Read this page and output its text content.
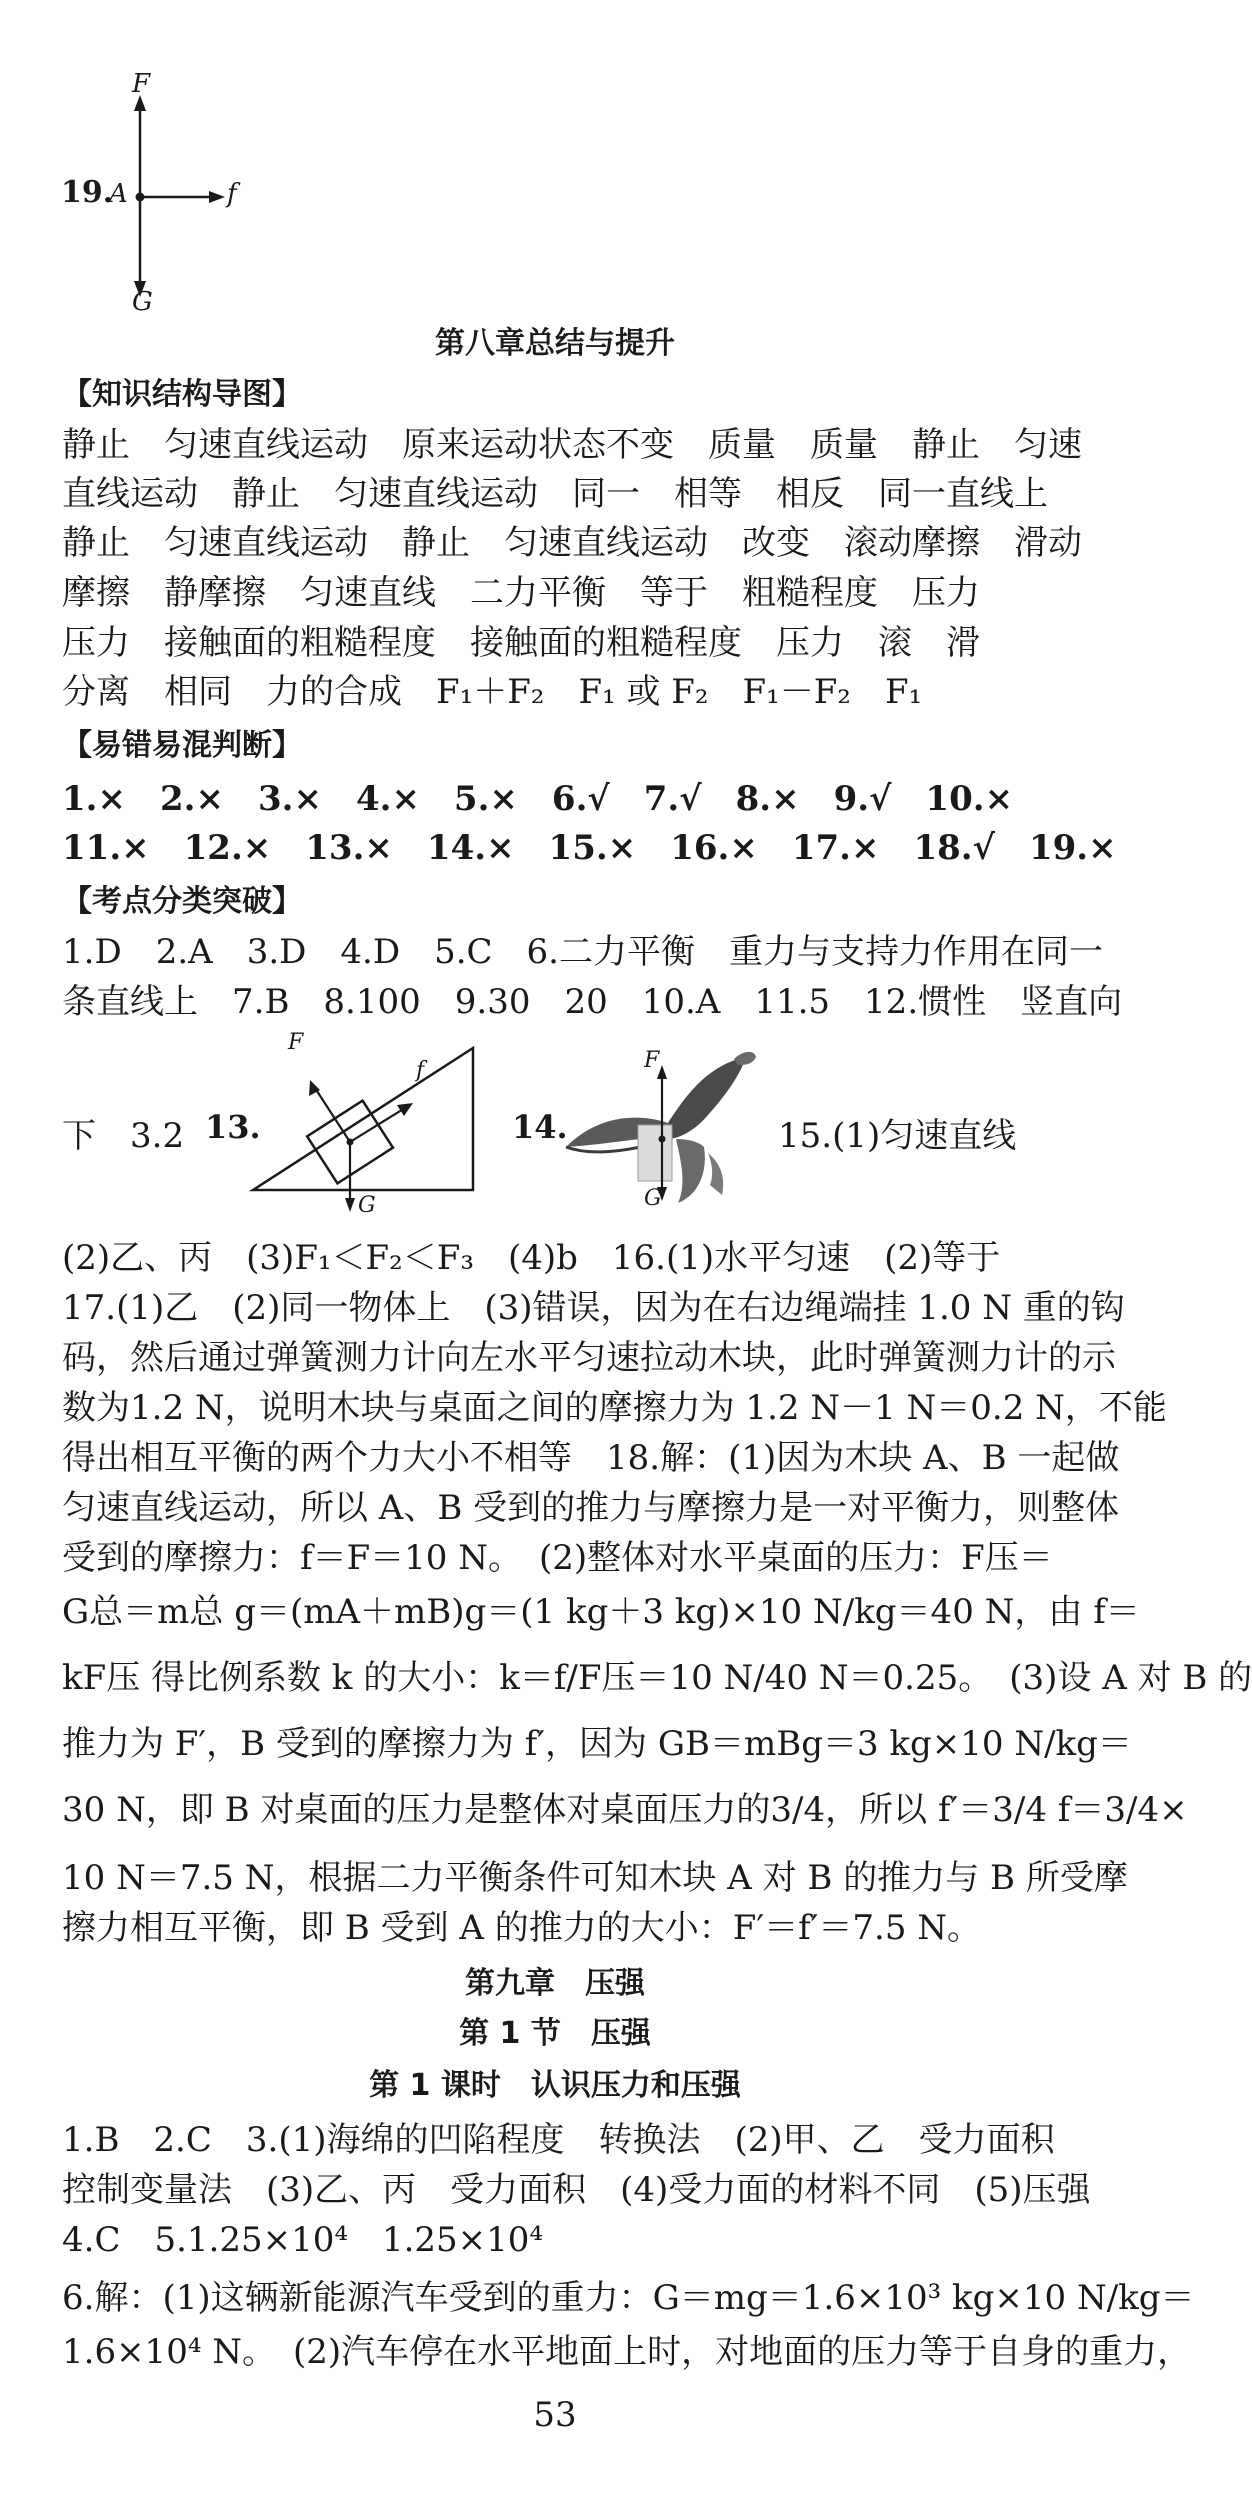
19.
F
A	f
G
第八章总结与提升
【知识结构导图】
静止　匀速直线运动　原来运动状态不变　质量　质量　静止　匀速
直线运动　静止　匀速直线运动　同一　相等　相反　同一直线上
静止　匀速直线运动　静止　匀速直线运动　改变　滚动摩擦　滑动
摩擦　静摩擦　匀速直线　二力平衡　等于　粗糙程度　压力
压力　接触面的粗糙程度　接触面的粗糙程度　压力　滚　滑
分离　相同　力的合成　F₁＋F₂　F₁ 或 F₂　F₁－F₂　F₁
【易错易混判断】
1.×　2.×　3.×　4.×　5.×　6.√　7.√　8.×　9.√　10.×
11.×　12.×　13.×　14.×　15.×　16.×　17.×　18.√　19.×
【考点分类突破】
1.D　2.A　3.D　4.D　5.C　6.二力平衡　重力与支持力作用在同一
条直线上　7.B　8.100　9.30　20　10.A　11.5　12.惯性　竖直向
下　3.2 13.
F
f
G
14.
F
G
15.(1)匀速直线
(2)乙、丙　(3)F₁＜F₂＜F₃　(4)b　16.(1)水平匀速　(2)等于
17.(1)乙　(2)同一物体上　(3)错误，因为在右边绳端挂 1.0 N 重的钩
码，然后通过弹簧测力计向左水平匀速拉动木块，此时弹簧测力计的示
数为1.2 N，说明木块与桌面之间的摩擦力为 1.2 N－1 N＝0.2 N，不能
得出相互平衡的两个力大小不相等　18.解：(1)因为木块 A、B 一起做
匀速直线运动，所以 A、B 受到的推力与摩擦力是一对平衡力，则整体
受到的摩擦力：f＝F＝10 N。　(2)整体对水平桌面的压力：F压＝
G总＝m总 g＝(mA＋mB)g＝(1 kg＋3 kg)×10 N/kg＝40 N，由 f＝
kF压 得比例系数 k 的大小：k＝f/F压＝10 N/40 N＝0.25。　(3)设 A 对 B 的
推力为 F′，B 受到的摩擦力为 f′，因为 GB＝mBg＝3 kg×10 N/kg＝
30 N，即 B 对桌面的压力是整体对桌面压力的3/4，所以 f′＝3/4 f＝3/4×
10 N＝7.5 N，根据二力平衡条件可知木块 A 对 B 的推力与 B 所受摩
擦力相互平衡，即 B 受到 A 的推力的大小：F′＝f′＝7.5 N。
第九章　压强
第 1 节　压强
第 1 课时　认识压力和压强
1.B　2.C　3.(1)海绵的凹陷程度　转换法　(2)甲、乙　受力面积
控制变量法　(3)乙、丙　受力面积　(4)受力面的材料不同　(5)压强
4.C　5.1.25×10⁴　1.25×10⁴
6.解：(1)这辆新能源汽车受到的重力：G＝mg＝1.6×10³ kg×10 N/kg＝
1.6×10⁴ N。　(2)汽车停在水平地面上时，对地面的压力等于自身的重力，
53
